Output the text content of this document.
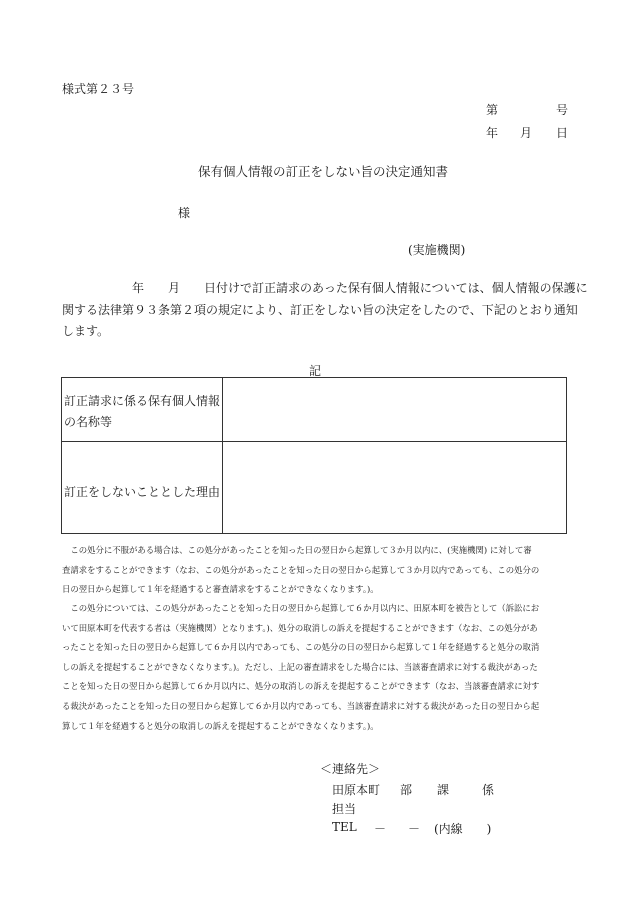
様式第２３号
第	号
年 月 日
保有個人情報の訂正をしない旨の決定通知書
様
(実施機関)
年 月 日付けで訂正請求のあった保有個人情報については、個人情報の保護に
関する法律第９３条第２項の規定により、訂正をしない旨の決定をしたので、下記のとおり通知
します。
記
訂正請求に係る保有個人情報
の名称等
訂正をしないこととした理由
　この処分に不服がある場合は、この処分があったことを知った日の翌日から起算して３か月以内に、(実施機関) に対して審
査請求をすることができます（なお、この処分があったことを知った日の翌日から起算して３か月以内であっても、この処分の
日の翌日から起算して１年を経過すると審査請求をすることができなくなります。)。
　この処分については、この処分があったことを知った日の翌日から起算して６か月以内に、田原本町を被告として（訴訟にお
いて田原本町を代表する者は（実施機関）となります。)、処分の取消しの訴えを提起することができます（なお、この処分があ
ったことを知った日の翌日から起算して６か月以内であっても、この処分の日の翌日から起算して１年を経過すると処分の取消
しの訴えを提起することができなくなります。)。ただし、上記の審査請求をした場合には、当該審査請求に対する裁決があった
ことを知った日の翌日から起算して６か月以内に、処分の取消しの訴えを提起することができます（なお、当該審査請求に対す
る裁決があったことを知った日の翌日から起算して６か月以内であっても、当該審査請求に対する裁決があった日の翌日から起
算して１年を経過すると処分の取消しの訴えを提起することができなくなります。)。
＜連絡先＞
田原本町 部 課	係
担当
TEL － － (内線　　)
